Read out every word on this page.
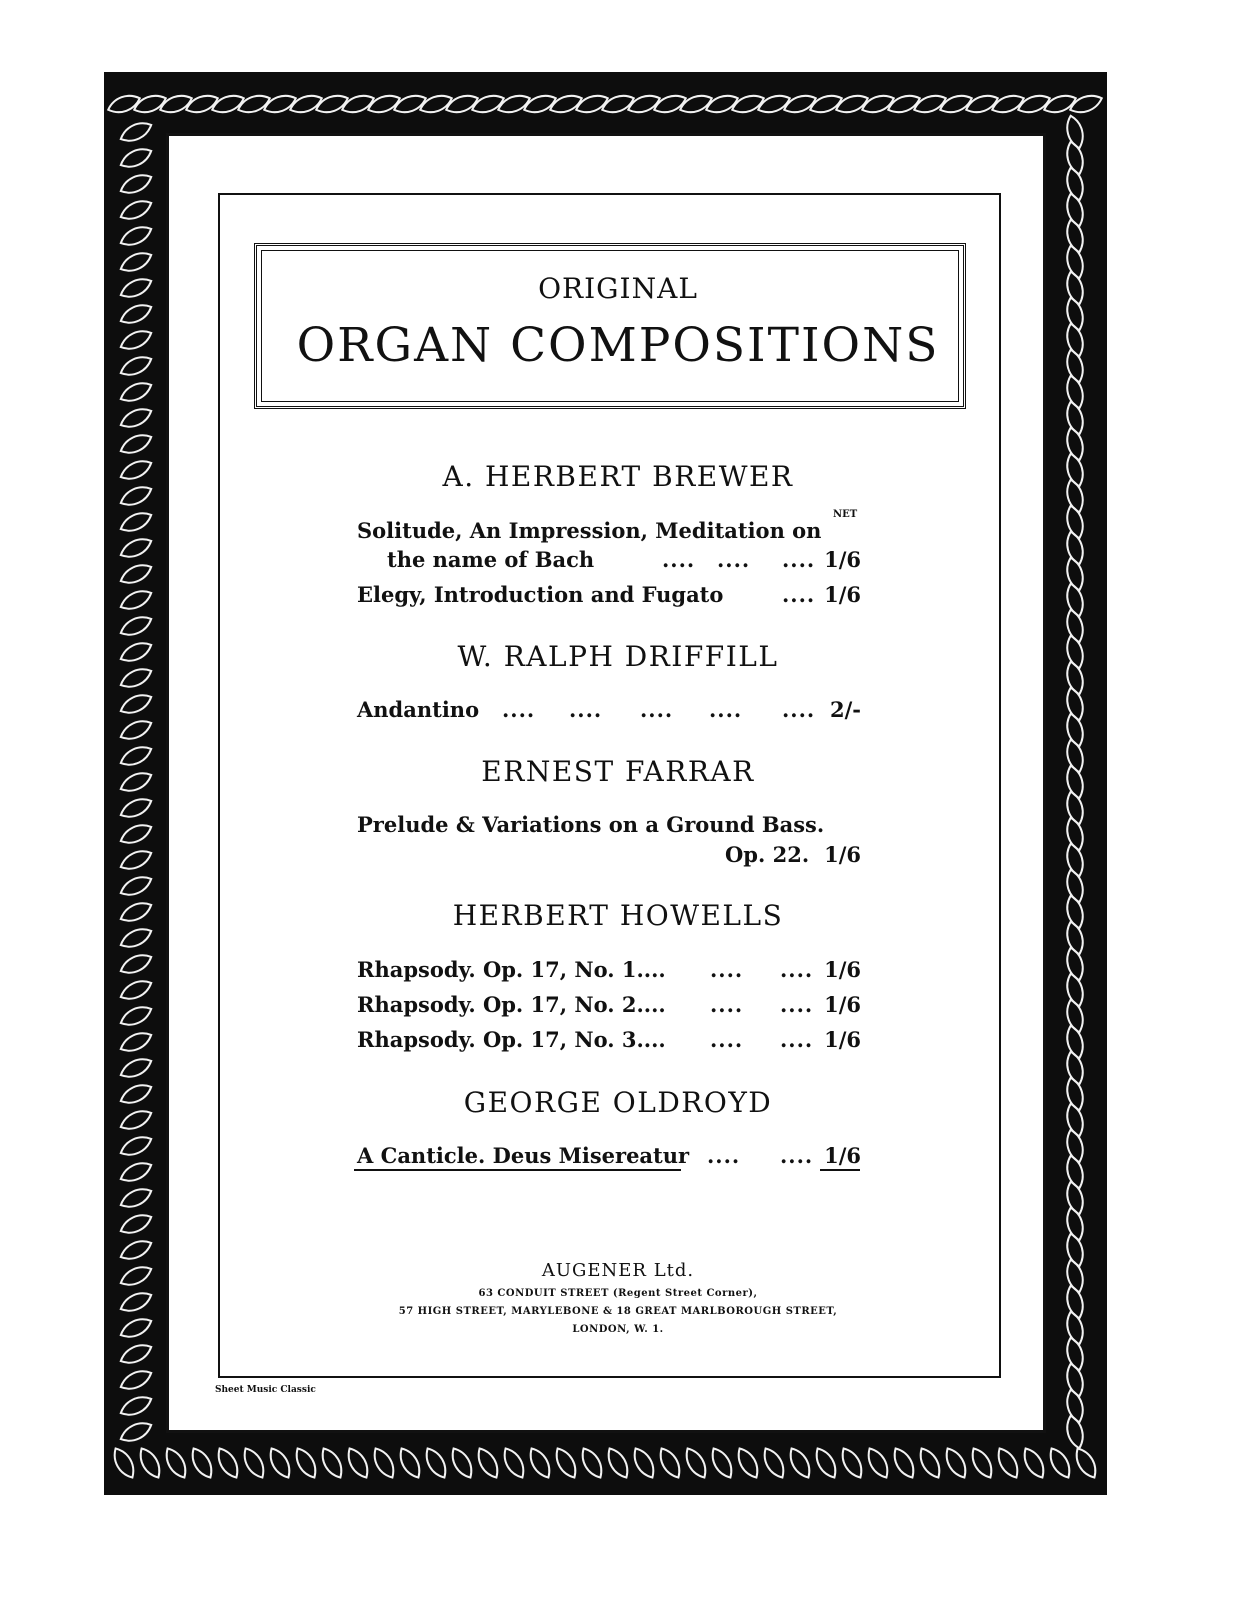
ORIGINAL
ORGAN COMPOSITIONS
A. HERBERT BREWER
NET
Solitude, An Impression, Meditation on
the name of Bach	.... .... .... 1/6
Elegy, Introduction and Fugato	.... 1/6
W. RALPH DRIFFILL
Andantino .... .... .... .... .... 2/-
ERNEST FARRAR
Prelude & Variations on a Ground Bass.
Op. 22. 1/6
HERBERT HOWELLS
Rhapsody. Op. 17, No. 1.... .... .... 1/6
Rhapsody. Op. 17, No. 2.... .... .... 1/6
Rhapsody. Op. 17, No. 3.... .... .... 1/6
GEORGE OLDROYD
A Canticle. Deus Misereatur .... .... 1/6
AUGENER Ltd.
63 CONDUIT STREET (Regent Street Corner),
57 HIGH STREET, MARYLEBONE & 18 GREAT MARLBOROUGH STREET,
LONDON, W. 1.
Sheet Music Classic
